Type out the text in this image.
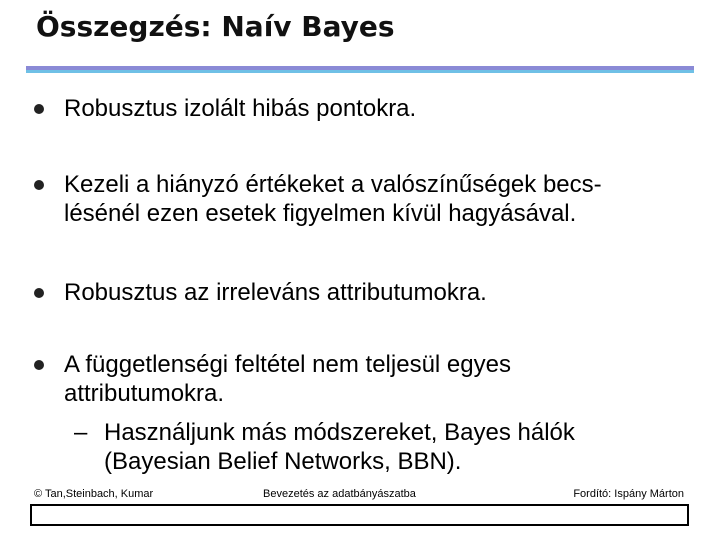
Összegzés: Naív Bayes
Robusztus izolált hibás pontokra.
Kezeli a hiányzó értékeket a valószínűségek becs-
lésénél ezen esetek figyelmen kívül hagyásával.
Robusztus az irreleváns attributumokra.
A függetlenségi feltétel nem teljesül egyes
attributumokra.
– Használjunk más módszereket, Bayes hálók
(Bayesian Belief Networks, BBN).
© Tan,Steinbach, Kumar	Bevezetés az adatbányászatba	Fordító: Ispány Márton
